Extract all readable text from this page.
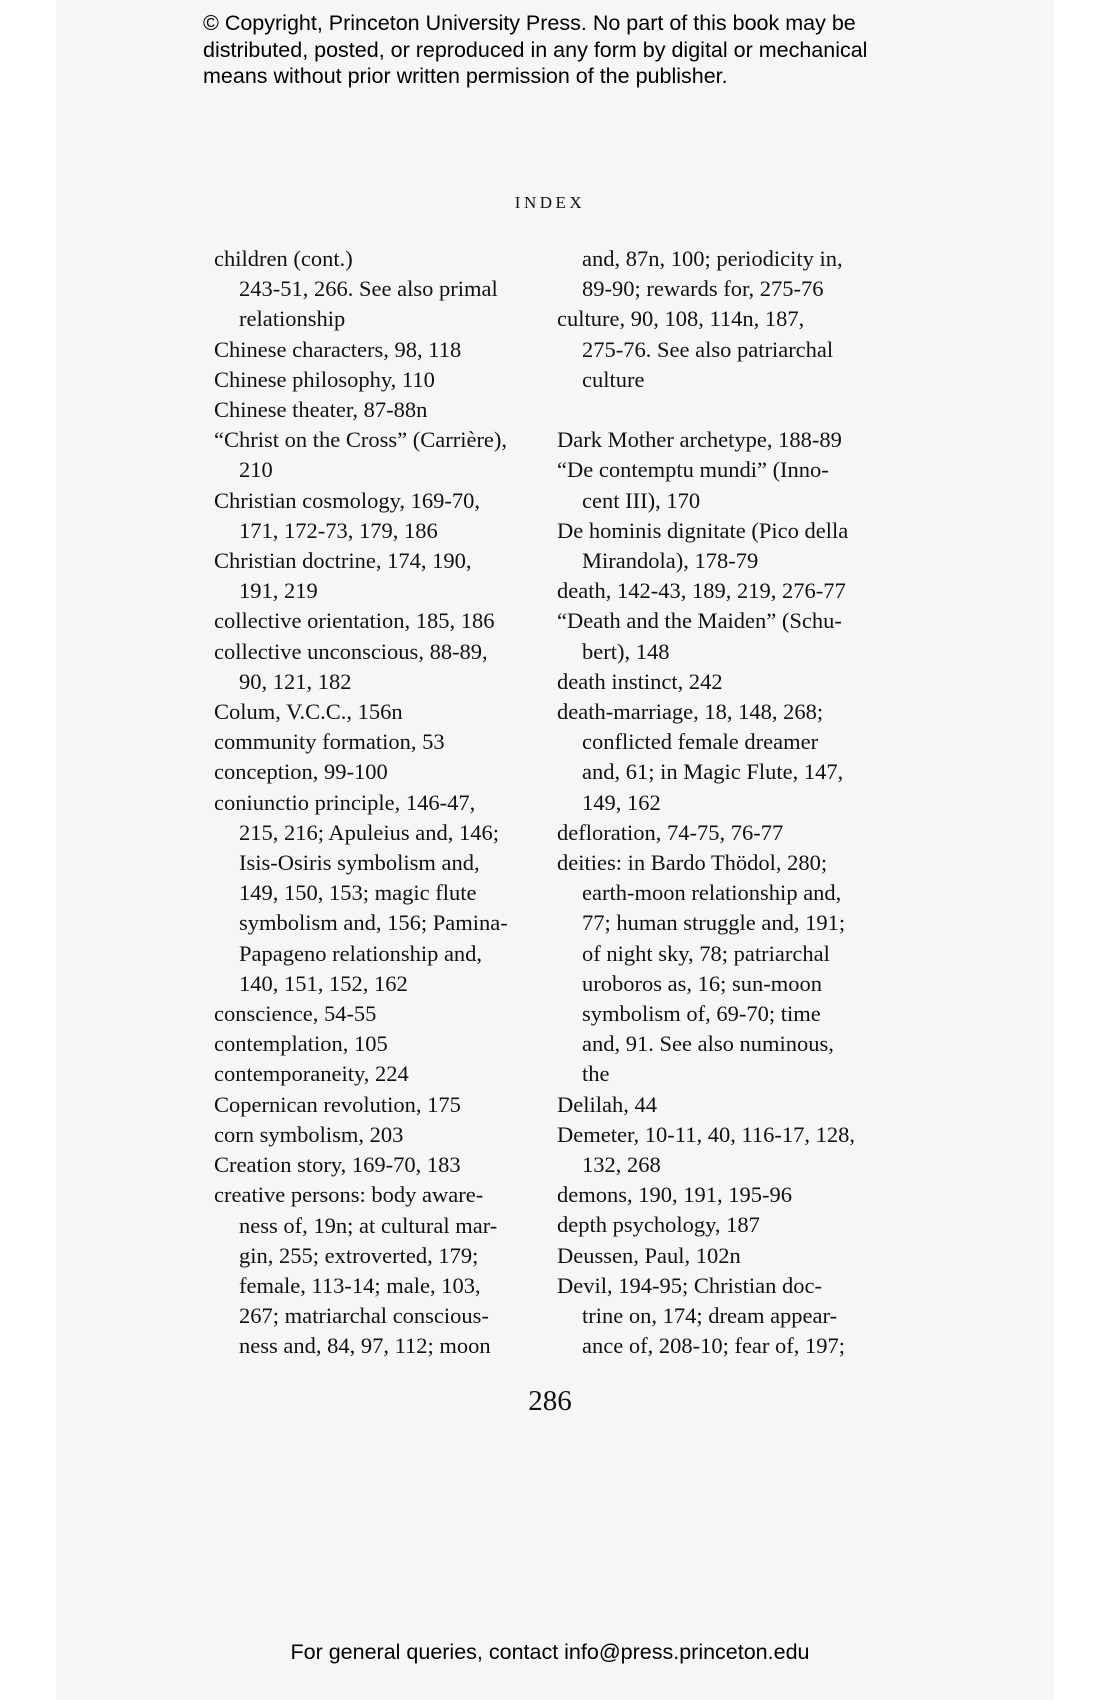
© Copyright, Princeton University Press. No part of this book may be
distributed, posted, or reproduced in any form by digital or mechanical
means without prior written permission of the publisher.
INDEX
children (cont.)
243-51, 266. See also primal
relationship
Chinese characters, 98, 118
Chinese philosophy, 110
Chinese theater, 87-88n
“Christ on the Cross” (Carrière),
210
Christian cosmology, 169-70,
171, 172-73, 179, 186
Christian doctrine, 174, 190,
191, 219
collective orientation, 185, 186
collective unconscious, 88-89,
90, 121, 182
Colum, V.C.C., 156n
community formation, 53
conception, 99-100
coniunctio principle, 146-47,
215, 216; Apuleius and, 146;
Isis-Osiris symbolism and,
149, 150, 153; magic flute
symbolism and, 156; Pamina-
Papageno relationship and,
140, 151, 152, 162
conscience, 54-55
contemplation, 105
contemporaneity, 224
Copernican revolution, 175
corn symbolism, 203
Creation story, 169-70, 183
creative persons: body aware-
ness of, 19n; at cultural mar-
gin, 255; extroverted, 179;
female, 113-14; male, 103,
267; matriarchal conscious-
ness and, 84, 97, 112; moon
and, 87n, 100; periodicity in,
89-90; rewards for, 275-76
culture, 90, 108, 114n, 187,
275-76. See also patriarchal
culture
Dark Mother archetype, 188-89
“De contemptu mundi” (Inno-
cent III), 170
De hominis dignitate (Pico della
Mirandola), 178-79
death, 142-43, 189, 219, 276-77
“Death and the Maiden” (Schu-
bert), 148
death instinct, 242
death-marriage, 18, 148, 268;
conflicted female dreamer
and, 61; in Magic Flute, 147,
149, 162
defloration, 74-75, 76-77
deities: in Bardo Thödol, 280;
earth-moon relationship and,
77; human struggle and, 191;
of night sky, 78; patriarchal
uroboros as, 16; sun-moon
symbolism of, 69-70; time
and, 91. See also numinous,
the
Delilah, 44
Demeter, 10-11, 40, 116-17, 128,
132, 268
demons, 190, 191, 195-96
depth psychology, 187
Deussen, Paul, 102n
Devil, 194-95; Christian doc-
trine on, 174; dream appear-
ance of, 208-10; fear of, 197;
286
For general queries, contact info@press.princeton.edu
